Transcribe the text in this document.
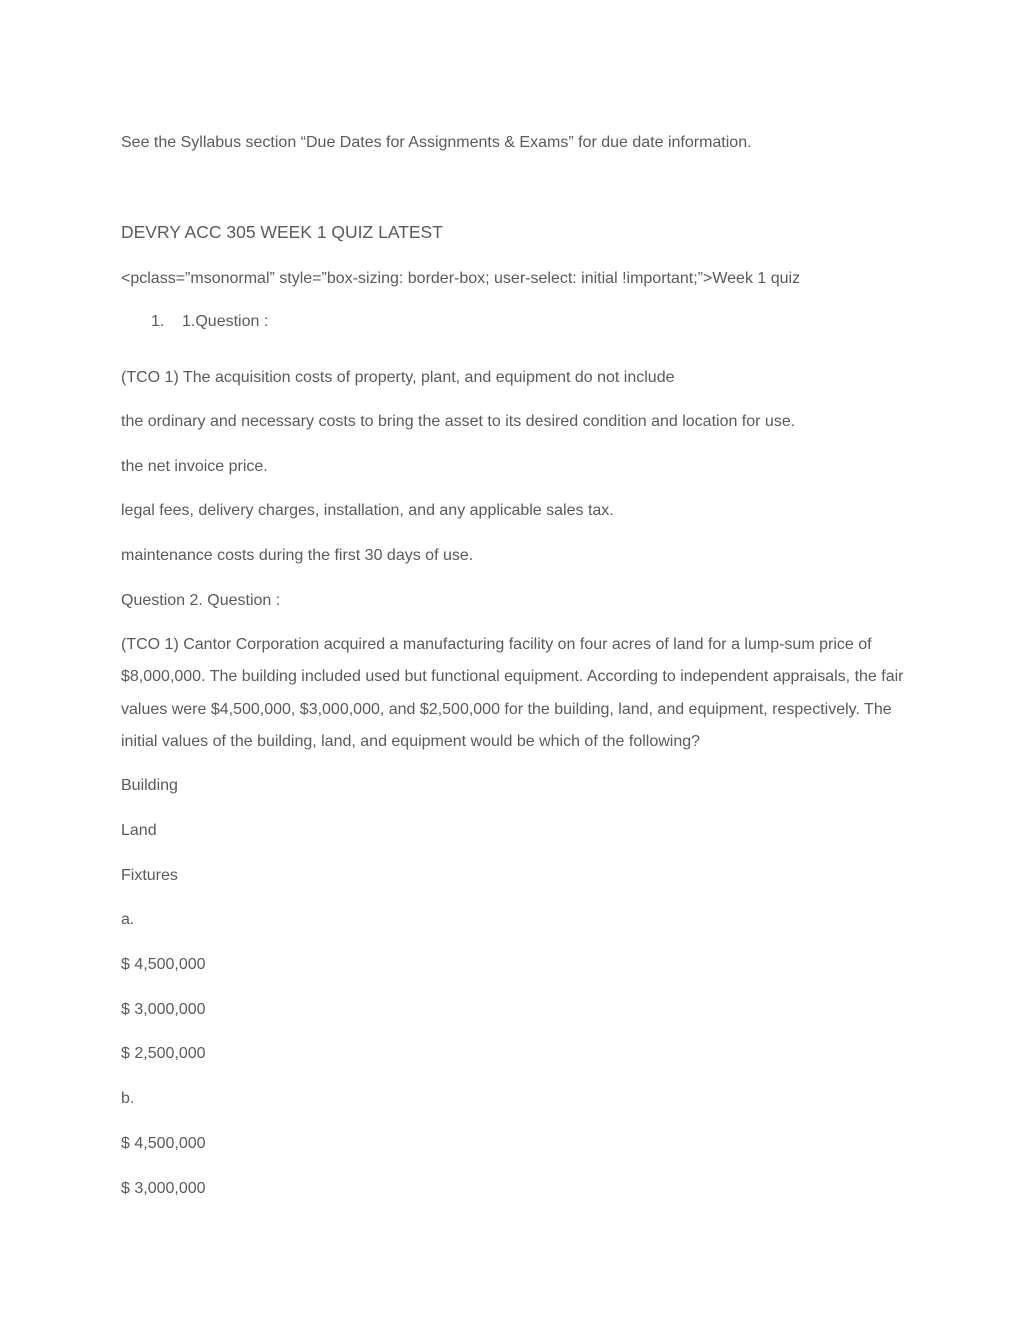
See the Syllabus section “Due Dates for Assignments & Exams” for due date information.

DEVRY ACC 305 WEEK 1 QUIZ LATEST

<pclass=”msonormal” style=”box-sizing: border-box; user-select: initial !important;”>Week 1 quiz

1. 1.Question :

(TCO 1) The acquisition costs of property, plant, and equipment do not include

the ordinary and necessary costs to bring the asset to its desired condition and location for use.

the net invoice price.

legal fees, delivery charges, installation, and any applicable sales tax.

maintenance costs during the first 30 days of use.

Question 2. Question :

(TCO 1) Cantor Corporation acquired a manufacturing facility on four acres of land for a lump-sum price of $8,000,000. The building included used but functional equipment. According to independent appraisals, the fair values were $4,500,000, $3,000,000, and $2,500,000 for the building, land, and equipment, respectively. The initial values of the building, land, and equipment would be which of the following?

Building

Land

Fixtures

a.

$ 4,500,000

$ 3,000,000

$ 2,500,000

b.

$ 4,500,000

$ 3,000,000
